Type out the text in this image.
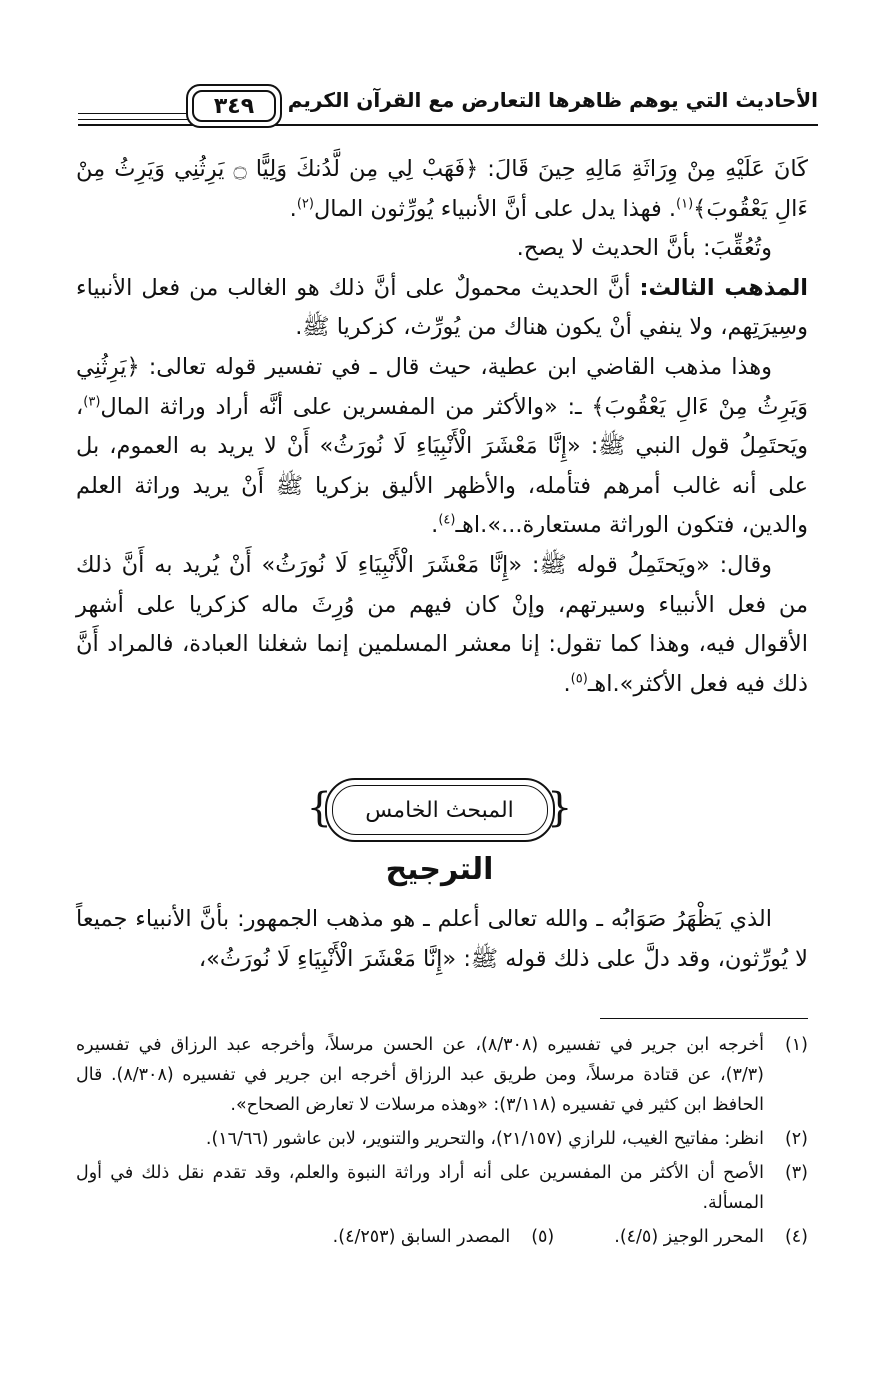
الأحاديث التي يوهم ظاهرها التعارض مع القرآن الكريم
٣٤٩

كَانَ عَلَيْهِ مِنْ وِرَاثَةِ مَالِهِ حِينَ قَالَ: ﴿فَهَبْ لِي مِن لَّدُنكَ وَلِيًّا ۝ يَرِثُنِي وَيَرِثُ مِنْ ءَالِ يَعْقُوبَ﴾$^{(١)}$. فهذا يدل على أنَّ الأنبياء يُورِّثون المال$^{(٢)}$.

وتُعُقِّبَ: بأنَّ الحديث لا يصح.

المذهب الثالث: أنَّ الحديث محمولٌ على أنَّ ذلك هو الغالب من فعل الأنبياء وسِيرَتِهم، ولا ينفي أنْ يكون هناك من يُورِّث، كزكريا ﷺ.

وهذا مذهب القاضي ابن عطية، حيث قال ـ في تفسير قوله تعالى: ﴿يَرِثُنِي وَيَرِثُ مِنْ ءَالِ يَعْقُوبَ﴾ ـ: «والأكثر من المفسرين على أنَّه أراد وراثة المال$^{(٣)}$، ويَحتَمِلُ قول النبي ﷺ: «إِنَّا مَعْشَرَ الْأَنْبِيَاءِ لَا نُورَثُ» أَنْ لا يريد به العموم، بل على أنه غالب أمرهم فتأمله، والأظهر الأليق بزكريا ﷺ أَنْ يريد وراثة العلم والدين، فتكون الوراثة مستعارة...».اهـ$^{(٤)}$.

وقال: «ويَحتَمِلُ قوله ﷺ: «إِنَّا مَعْشَرَ الْأَنْبِيَاءِ لَا نُورَثُ» أَنْ يُريد به أَنَّ ذلك من فعل الأنبياء وسيرتهم، وإنْ كان فيهم من وُرِثَ ماله كزكريا على أشهر الأقوال فيه، وهذا كما تقول: إنا معشر المسلمين إنما شغلنا العبادة، فالمراد أَنَّ ذلك فيه فعل الأكثر».اهـ$^{(٥)}$.

{
المبحث الخامس
}
الترجيح

الذي يَظْهَرُ صَوَابُه ـ والله تعالى أعلم ـ هو مذهب الجمهور: بأنَّ الأنبياء جميعاً لا يُورِّثون، وقد دلَّ على ذلك قوله ﷺ: «إِنَّا مَعْشَرَ الْأَنْبِيَاءِ لَا نُورَثُ»،

(١)
أخرجه ابن جرير في تفسيره (٨/٣٠٨)، عن الحسن مرسلاً، وأخرجه عبد الرزاق في تفسيره (٣/٣)، عن قتادة مرسلاً، ومن طريق عبد الرزاق أخرجه ابن جرير في تفسيره (٨/٣٠٨). قال الحافظ ابن كثير في تفسيره (٣/١١٨): «وهذه مرسلات لا تعارض الصحاح».
(٢)
انظر: مفاتيح الغيب، للرازي (٢١/١٥٧)، والتحرير والتنوير، لابن عاشور (١٦/٦٦).
(٣)
الأصح أن الأكثر من المفسرين على أنه أراد وراثة النبوة والعلم، وقد تقدم نقل ذلك في أول المسألة.
(٤)
المحرر الوجيز (٤/٥).
(٥)
المصدر السابق (٤/٢٥٣).
